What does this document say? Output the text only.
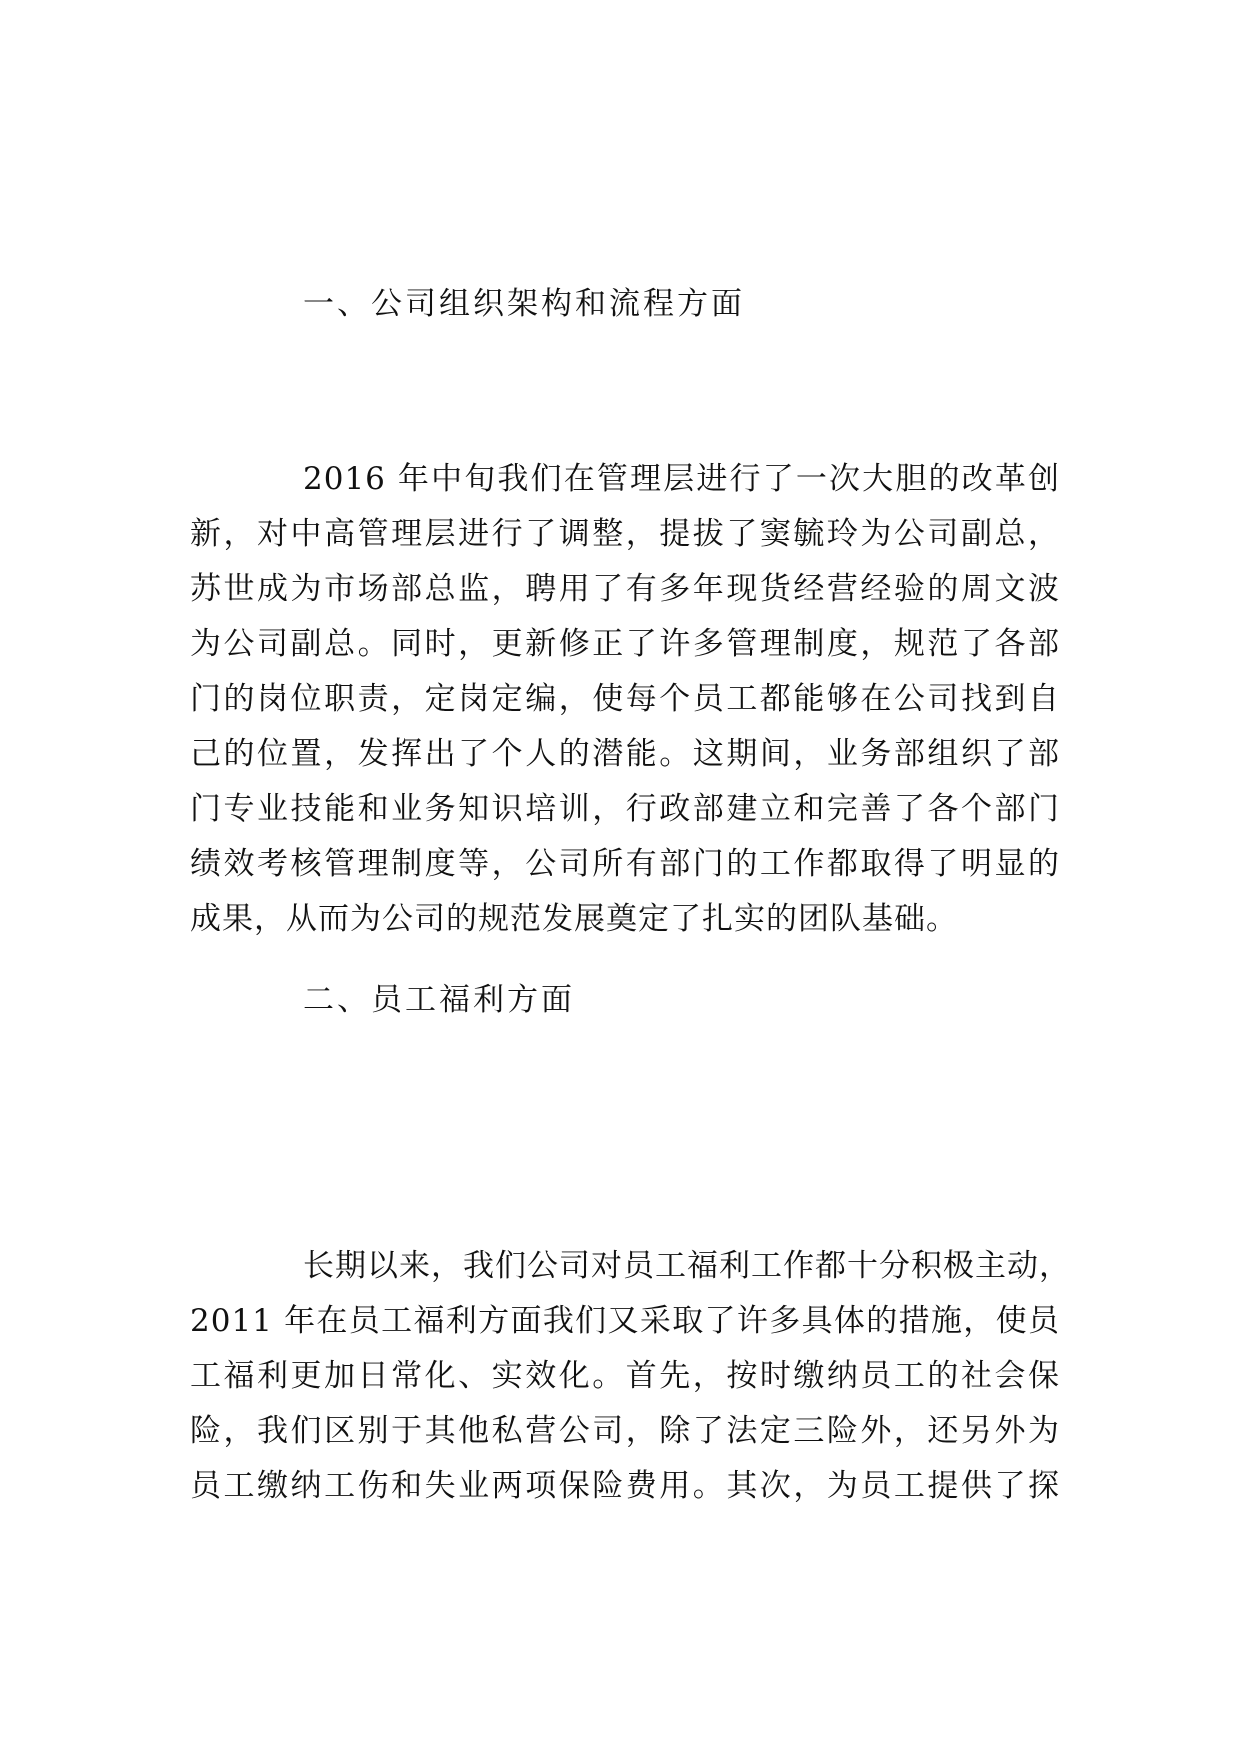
一、公司组织架构和流程方面
2016 年中旬我们在管理层进行了一次大胆的改革创
新，对中高管理层进行了调整，提拔了窦毓玲为公司副总，
苏世成为市场部总监，聘用了有多年现货经营经验的周文波
为公司副总。同时，更新修正了许多管理制度，规范了各部
门的岗位职责，定岗定编，使每个员工都能够在公司找到自
己的位置，发挥出了个人的潜能。这期间，业务部组织了部
门专业技能和业务知识培训，行政部建立和完善了各个部门
绩效考核管理制度等，公司所有部门的工作都取得了明显的
成果，从而为公司的规范发展奠定了扎实的团队基础。
二、员工福利方面
长期以来，我们公司对员工福利工作都十分积极主动，
2011 年在员工福利方面我们又采取了许多具体的措施，使员
工福利更加日常化、实效化。首先，按时缴纳员工的社会保
险，我们区别于其他私营公司，除了法定三险外，还另外为
员工缴纳工伤和失业两项保险费用。其次，为员工提供了探
